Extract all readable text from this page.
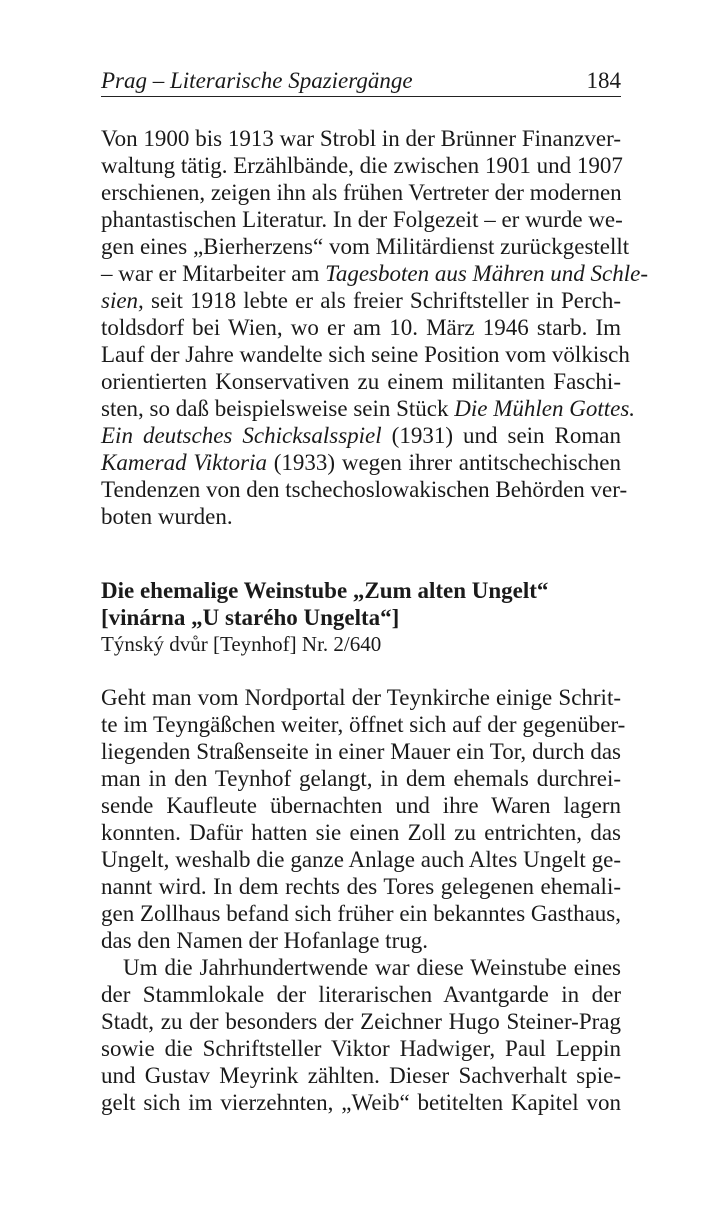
Prag – Literarische Spaziergänge	184
Von 1900 bis 1913 war Strobl in der Brünner Finanzver-
waltung tätig. Erzählbände, die zwischen 1901 und 1907
erschienen, zeigen ihn als frühen Vertreter der modernen
phantastischen Literatur. In der Folgezeit – er wurde we-
gen eines „Bierherzens“ vom Militärdienst zurückgestellt
– war er Mitarbeiter am Tagesboten aus Mähren und Schle-
sien, seit 1918 lebte er als freier Schriftsteller in Perch-
toldsdorf bei Wien, wo er am 10. März 1946 starb. Im
Lauf der Jahre wandelte sich seine Position vom völkisch
orientierten Konservativen zu einem militanten Faschi-
sten, so daß beispielsweise sein Stück Die Mühlen Gottes.
Ein deutsches Schicksalsspiel (1931) und sein Roman
Kamerad Viktoria (1933) wegen ihrer antitschechischen
Tendenzen von den tschechoslowakischen Behörden ver-
boten wurden.
Die ehemalige Weinstube „Zum alten Ungelt“
[vinárna „U starého Ungelta“]
Týnský dvůr [Teynhof] Nr. 2/640
Geht man vom Nordportal der Teynkirche einige Schrit-
te im Teyngäßchen weiter, öffnet sich auf der gegenüber-
liegenden Straßenseite in einer Mauer ein Tor, durch das
man in den Teynhof gelangt, in dem ehemals durchrei-
sende Kaufleute übernachten und ihre Waren lagern
konnten. Dafür hatten sie einen Zoll zu entrichten, das
Ungelt, weshalb die ganze Anlage auch Altes Ungelt ge-
nannt wird. In dem rechts des Tores gelegenen ehemali-
gen Zollhaus befand sich früher ein bekanntes Gasthaus,
das den Namen der Hofanlage trug.
Um die Jahrhundertwende war diese Weinstube eines
der Stammlokale der literarischen Avantgarde in der
Stadt, zu der besonders der Zeichner Hugo Steiner-Prag
sowie die Schriftsteller Viktor Hadwiger, Paul Leppin
und Gustav Meyrink zählten. Dieser Sachverhalt spie-
gelt sich im vierzehnten, „Weib“ betitelten Kapitel von
